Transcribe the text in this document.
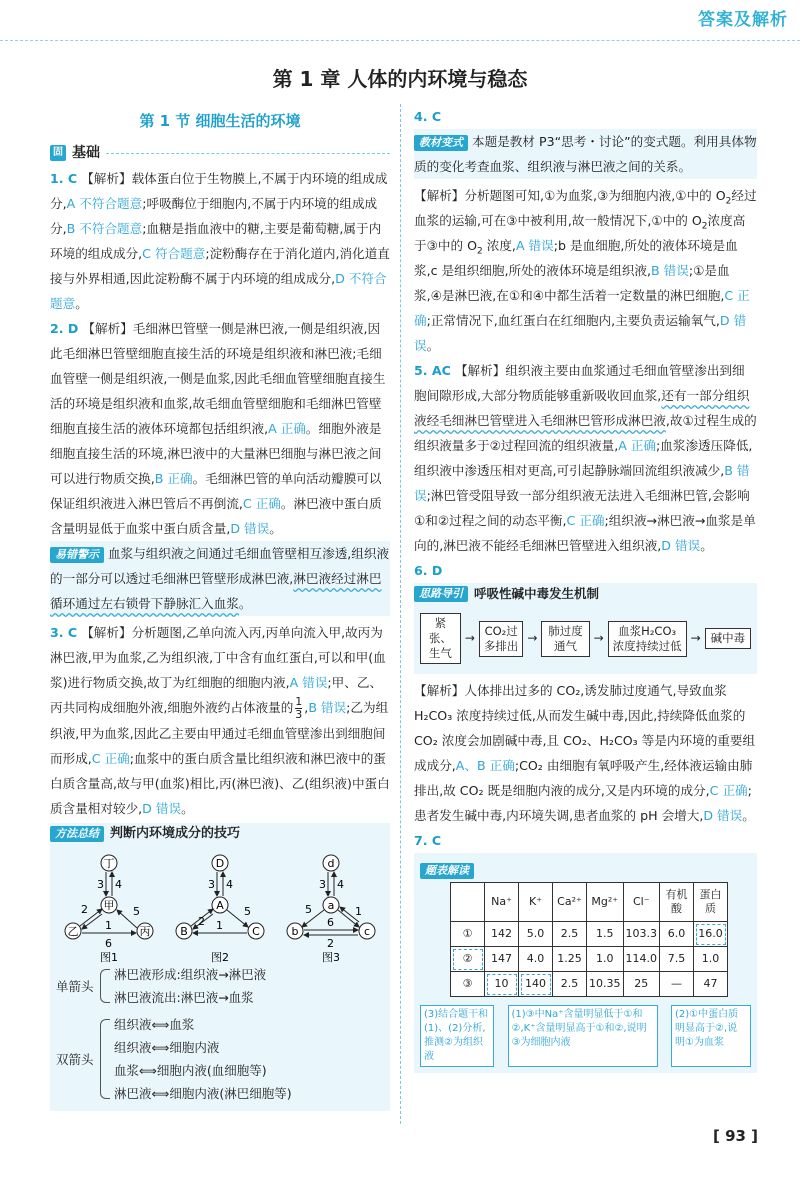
答案及解析
第 1 章 人体的内环境与稳态
第 1 节 细胞生活的环境
固 基础
1. C 【解析】载体蛋白位于生物膜上,不属于内环境的组成成分,A 不符合题意;呼吸酶位于细胞内,不属于内环境的组成成分,B 不符合题意;血糖是指血液中的糖,主要是葡萄糖,属于内环境的组成成分,C 符合题意;淀粉酶存在于消化道内,消化道直接与外界相通,因此淀粉酶不属于内环境的组成成分,D 不符合题意。
2. D 【解析】毛细淋巴管壁一侧是淋巴液,一侧是组织液,因此毛细淋巴管壁细胞直接生活的环境是组织液和淋巴液;毛细血管壁一侧是组织液,一侧是血浆,因此毛细血管壁细胞直接生活的环境是组织液和血浆,故毛细血管壁细胞和毛细淋巴管壁细胞直接生活的液体环境都包括组织液,A 正确。细胞外液是细胞直接生活的环境,淋巴液中的大量淋巴细胞与淋巴液之间可以进行物质交换,B 正确。毛细淋巴管的单向活动瓣膜可以保证组织液进入淋巴管后不再倒流,C 正确。淋巴液中蛋白质含量明显低于血浆中蛋白质含量,D 错误。
易错警示 血浆与组织液之间通过毛细血管壁相互渗透,组织液的一部分可以透过毛细淋巴管壁形成淋巴液,淋巴液经过淋巴循环通过左右锁骨下静脉汇入血浆。
3. C 【解析】分析题图,乙单向流入丙,丙单向流入甲,故丙为淋巴液,甲为血浆,乙为组织液,丁中含有血红蛋白,可以和甲(血浆)进行物质交换,故丁为红细胞的细胞内液,A 错误;甲、乙、丙共同构成细胞外液,细胞外液约占体液量的 $\frac{1}{3} ,B$ 错误;乙为组织液,甲为血浆,因此乙主要由甲通过毛细血管壁渗出到细胞间而形成,C 正确;血浆中的蛋白质含量比组织液和淋巴液中的蛋白质含量高,故与甲(血浆)相比,丙(淋巴液)、乙(组织液)中蛋白质含量相对较少,D 错误。
方法总结 判断内环境成分的技巧
丁
甲
乙	丙
3 4
2	5
1
6
图1
D
A
B	C
3 4
2
5
1
图2
d
a
b	c
3 4
5	1
6
2
图3
单箭头
淋巴液形成:组织液→淋巴液
淋巴液流出:淋巴液→血浆
双箭头
组织液⟺血浆
组织液⟺细胞内液
血浆⟺细胞内液(血细胞等)
淋巴液⟺细胞内液(淋巴细胞等)
4. C
教材变式 本题是教材 P3“思考・讨论”的变式题。利用具体物质的变化考查血浆、组织液与淋巴液之间的关系。
【解析】分析题图可知,①为血浆,③为细胞内液,①中的 $O_2$经过血浆的运输,可在③中被利用,故一般情况下,①中的 $O_2$浓度高于③中的 $O_2$ 浓度,A 错误;b 是血细胞,所处的液体环境是血浆,c 是组织细胞,所处的液体环境是组织液,B 错误;①是血浆,④是淋巴液,在①和④中都生活着一定数量的淋巴细胞,C 正确;正常情况下,血红蛋白在红细胞内,主要负责运输氧气,D 错误。
5. AC 【解析】组织液主要由血浆通过毛细血管壁渗出到细胞间隙形成,大部分物质能够重新吸收回血浆,还有一部分组织液经毛细淋巴管壁进入毛细淋巴管形成淋巴液,故①过程生成的组织液量多于②过程回流的组织液量,A 正确;血浆渗透压降低,组织液中渗透压相对更高,可引起静脉端回流组织液减少,B 错误;淋巴管受阻导致一部分组织液无法进入毛细淋巴管,会影响①和②过程之间的动态平衡,C 正确;组织液→淋巴液→血浆是单向的,淋巴液不能经毛细淋巴管壁进入组织液,D 错误。
6. D
思路导引 呼吸性碱中毒发生机制
紧张、生气
→
CO₂过多排出
→
肺过度通气
→
血浆H₂CO₃浓度持续过低
→ 碱中毒
【解析】人体排出过多的 CO₂,诱发肺过度通气,导致血浆 H₂CO₃ 浓度持续过低,从而发生碱中毒,因此,持续降低血浆的 CO₂ 浓度会加剧碱中毒,且 CO₂、H₂CO₃ 等是内环境的重要组成成分,A、B 正确;CO₂ 由细胞有氧呼吸产生,经体液运输由肺排出,故 CO₂ 既是细胞内液的成分,又是内环境的成分,C 正确;患者发生碱中毒,内环境失调,患者血浆的 pH 会增大,D 错误。
7. C
题表解读
	Na⁺	K⁺	Ca²⁺	Mg²⁺	Cl⁻	有机酸	蛋白质
①	142	5.0	2.5	1.5	103.3	6.0	16.0
②	147	4.0	1.25	1.0	114.0	7.5	1.0
③	10	140	2.5	10.35	25	—	47
(3)结合题干和(1)、(2)分析,推测②为组织液
(1)③中Na⁺含量明显低于①和②,K⁺含量明显高于①和②,说明③为细胞内液
(2)①中蛋白质明显高于②,说明①为血浆
[ 93 ]
